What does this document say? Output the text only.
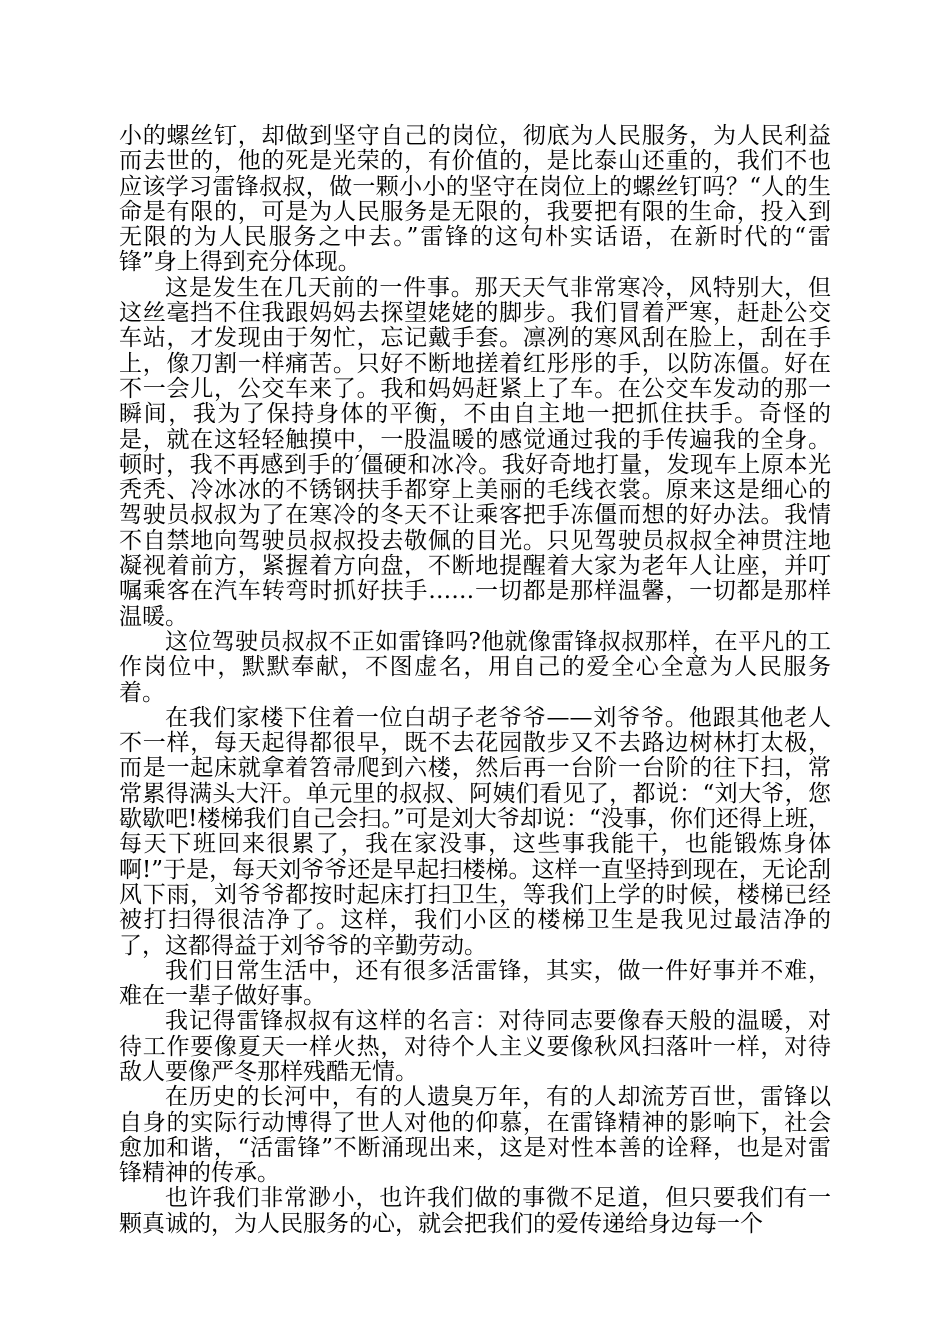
小的螺丝钉，却做到坚守自己的岗位，彻底为人民服务，为人民利益而去世的，他的死是光荣的，有价值的，是比泰山还重的，我们不也应该学习雷锋叔叔，做一颗小小的坚守在岗位上的螺丝钉吗？“人的生命是有限的，可是为人民服务是无限的，我要把有限的生命，投入到无限的为人民服务之中去。”雷锋的这句朴实话语，在新时代的“雷锋”身上得到充分体现。

这是发生在几天前的一件事。那天天气非常寒冷，风特别大，但这丝毫挡不住我跟妈妈去探望姥姥的脚步。我们冒着严寒，赶赴公交车站，才发现由于匆忙，忘记戴手套。凛冽的寒风刮在脸上，刮在手上，像刀割一样痛苦。只好不断地搓着红彤彤的手，以防冻僵。好在不一会儿，公交车来了。我和妈妈赶紧上了车。在公交车发动的那一瞬间，我为了保持身体的平衡，不由自主地一把抓住扶手。奇怪的是，就在这轻轻触摸中，一股温暖的感觉通过我的手传遍我的全身。顿时，我不再感到手的′僵硬和冰冷。我好奇地打量，发现车上原本光秃秃、冷冰冰的不锈钢扶手都穿上美丽的毛线衣裳。原来这是细心的驾驶员叔叔为了在寒冷的冬天不让乘客把手冻僵而想的好办法。我情不自禁地向驾驶员叔叔投去敬佩的目光。只见驾驶员叔叔全神贯注地凝视着前方，紧握着方向盘，不断地提醒着大家为老年人让座，并叮嘱乘客在汽车转弯时抓好扶手……一切都是那样温馨，一切都是那样温暖。

这位驾驶员叔叔不正如雷锋吗?他就像雷锋叔叔那样，在平凡的工作岗位中，默默奉献，不图虚名，用自己的爱全心全意为人民服务着。

在我们家楼下住着一位白胡子老爷爷——刘爷爷。他跟其他老人不一样，每天起得都很早，既不去花园散步又不去路边树林打太极，而是一起床就拿着笤帚爬到六楼，然后再一台阶一台阶的往下扫，常常累得满头大汗。单元里的叔叔、阿姨们看见了，都说：“刘大爷，您歇歇吧!楼梯我们自己会扫。”可是刘大爷却说：“没事，你们还得上班，每天下班回来很累了，我在家没事，这些事我能干，也能锻炼身体啊!”于是，每天刘爷爷还是早起扫楼梯。这样一直坚持到现在，无论刮风下雨，刘爷爷都按时起床打扫卫生，等我们上学的时候，楼梯已经被打扫得很洁净了。这样，我们小区的楼梯卫生是我见过最洁净的了，这都得益于刘爷爷的辛勤劳动。

我们日常生活中，还有很多活雷锋，其实，做一件好事并不难，难在一辈子做好事。

我记得雷锋叔叔有这样的名言：对待同志要像春天般的温暖，对待工作要像夏天一样火热，对待个人主义要像秋风扫落叶一样，对待敌人要像严冬那样残酷无情。

在历史的长河中，有的人遗臭万年，有的人却流芳百世，雷锋以自身的实际行动博得了世人对他的仰慕，在雷锋精神的影响下，社会愈加和谐，“活雷锋”不断涌现出来，这是对性本善的诠释，也是对雷锋精神的传承。

也许我们非常渺小，也许我们做的事微不足道，但只要我们有一颗真诚的，为人民服务的心，就会把我们的爱传递给身边每一个
